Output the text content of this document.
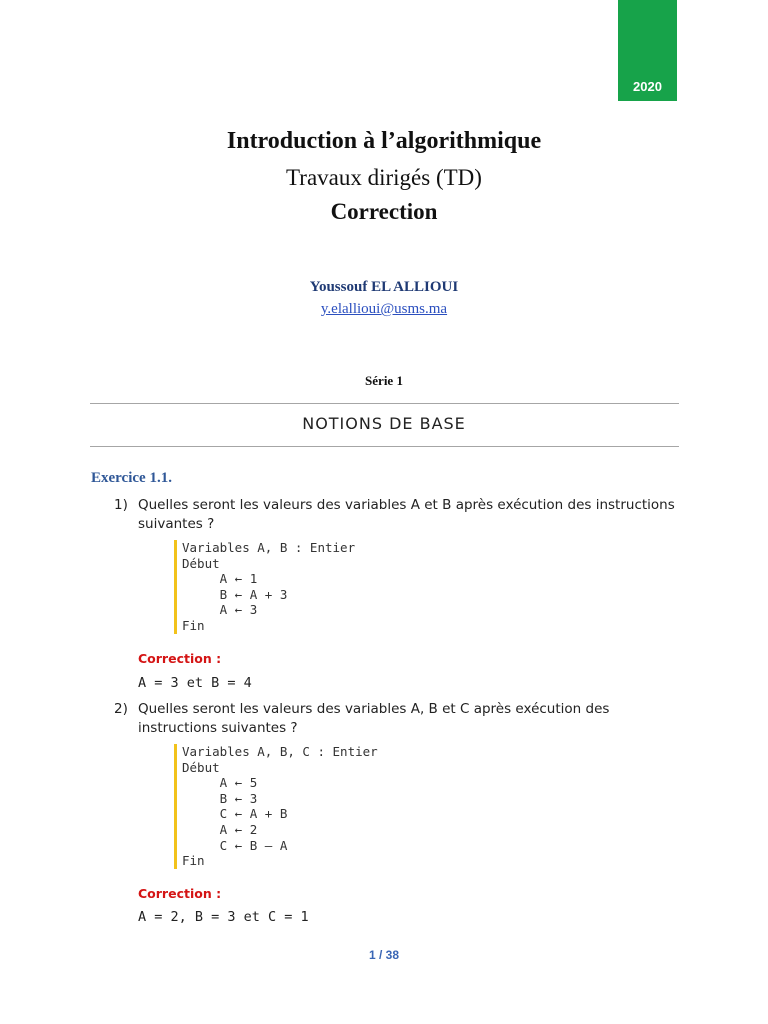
2020
Introduction à l’algorithmique
Travaux dirigés (TD)
Correction
Youssouf EL ALLIOUI
y.elallioui@usms.ma
Série 1
NOTIONS DE BASE
Exercice 1.1.
1) Quelles seront les valeurs des variables A et B après exécution des instructions suivantes ?
Variables A, B : Entier
Début
A ← 1
B ← A + 3
A ← 3
Fin
Correction :
A = 3 et B = 4
2) Quelles seront les valeurs des variables A, B et C après exécution des instructions suivantes ?
Variables A, B, C : Entier
Début
A ← 5
B ← 3
C ← A + B
A ← 2
C ← B – A
Fin
Correction :
A = 2, B = 3 et C = 1
1 / 38
